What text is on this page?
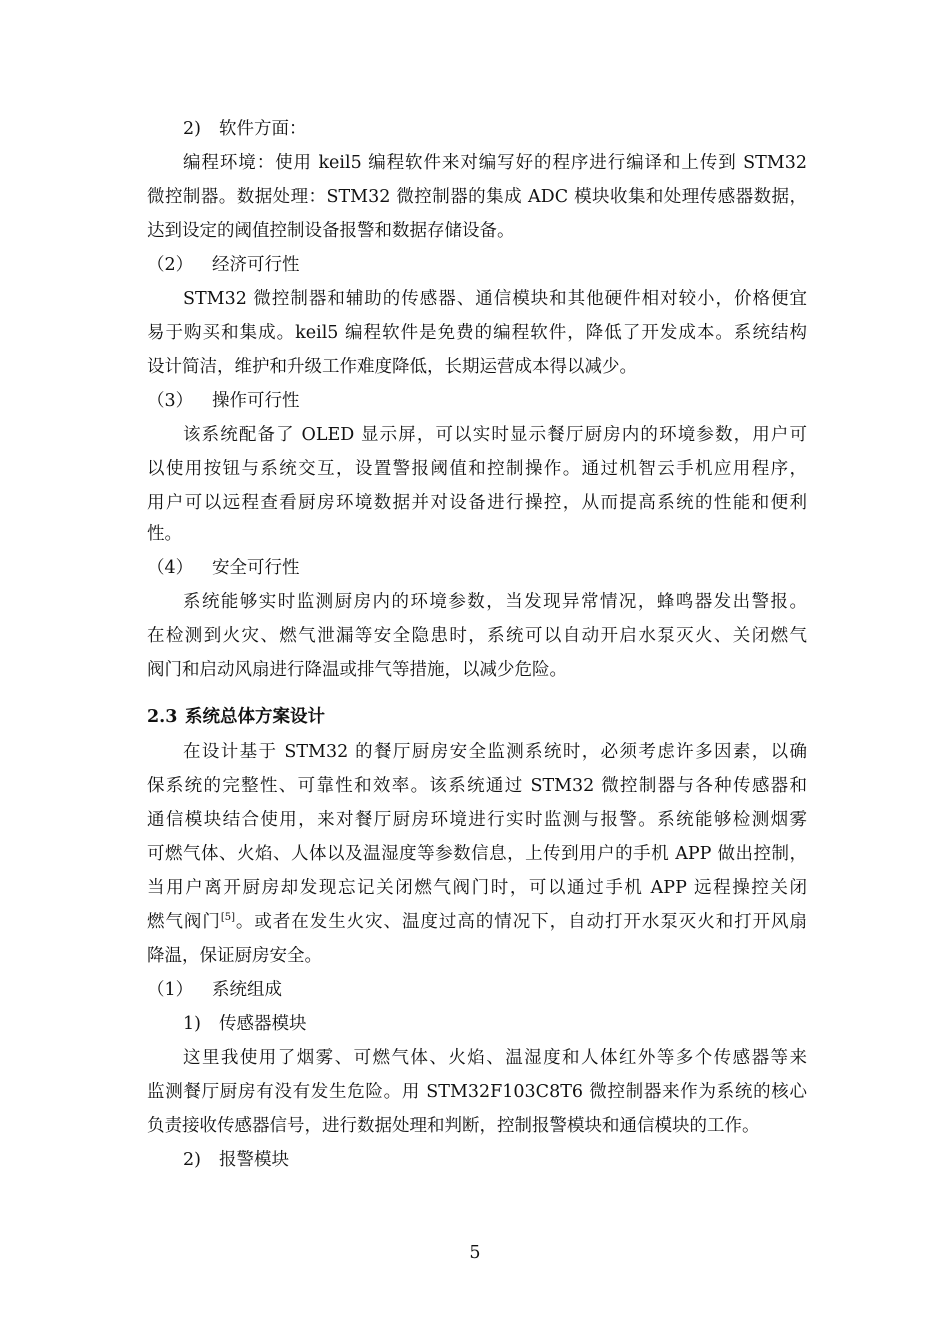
2) 软件方面：
编程环境：使用 keil5 编程软件来对编写好的程序进行编译和上传到 STM32
微控制器。数据处理：STM32 微控制器的集成 ADC 模块收集和处理传感器数据，
达到设定的阈值控制设备报警和数据存储设备。
（2） 经济可行性
STM32 微控制器和辅助的传感器、通信模块和其他硬件相对较小，价格便宜
易于购买和集成。keil5 编程软件是免费的编程软件，降低了开发成本。系统结构
设计简洁，维护和升级工作难度降低，长期运营成本得以减少。
（3） 操作可行性
该系统配备了 OLED 显示屏，可以实时显示餐厅厨房内的环境参数，用户可
以使用按钮与系统交互，设置警报阈值和控制操作。通过机智云手机应用程序，
用户可以远程查看厨房环境数据并对设备进行操控，从而提高系统的性能和便利
性。
（4） 安全可行性
系统能够实时监测厨房内的环境参数，当发现异常情况，蜂鸣器发出警报。
在检测到火灾、燃气泄漏等安全隐患时，系统可以自动开启水泵灭火、关闭燃气
阀门和启动风扇进行降温或排气等措施，以减少危险。
2.3 系统总体方案设计
在设计基于 STM32 的餐厅厨房安全监测系统时，必须考虑许多因素，以确
保系统的完整性、可靠性和效率。该系统通过 STM32 微控制器与各种传感器和
通信模块结合使用，来对餐厅厨房环境进行实时监测与报警。系统能够检测烟雾
可燃气体、火焰、人体以及温湿度等参数信息，上传到用户的手机 APP 做出控制，
当用户离开厨房却发现忘记关闭燃气阀门时，可以通过手机 APP 远程操控关闭
燃气阀门[5]。或者在发生火灾、温度过高的情况下，自动打开水泵灭火和打开风扇
降温，保证厨房安全。
（1） 系统组成
1) 传感器模块
这里我使用了烟雾、可燃气体、火焰、温湿度和人体红外等多个传感器等来
监测餐厅厨房有没有发生危险。用 STM32F103C8T6 微控制器来作为系统的核心
负责接收传感器信号，进行数据处理和判断，控制报警模块和通信模块的工作。
2) 报警模块
5
